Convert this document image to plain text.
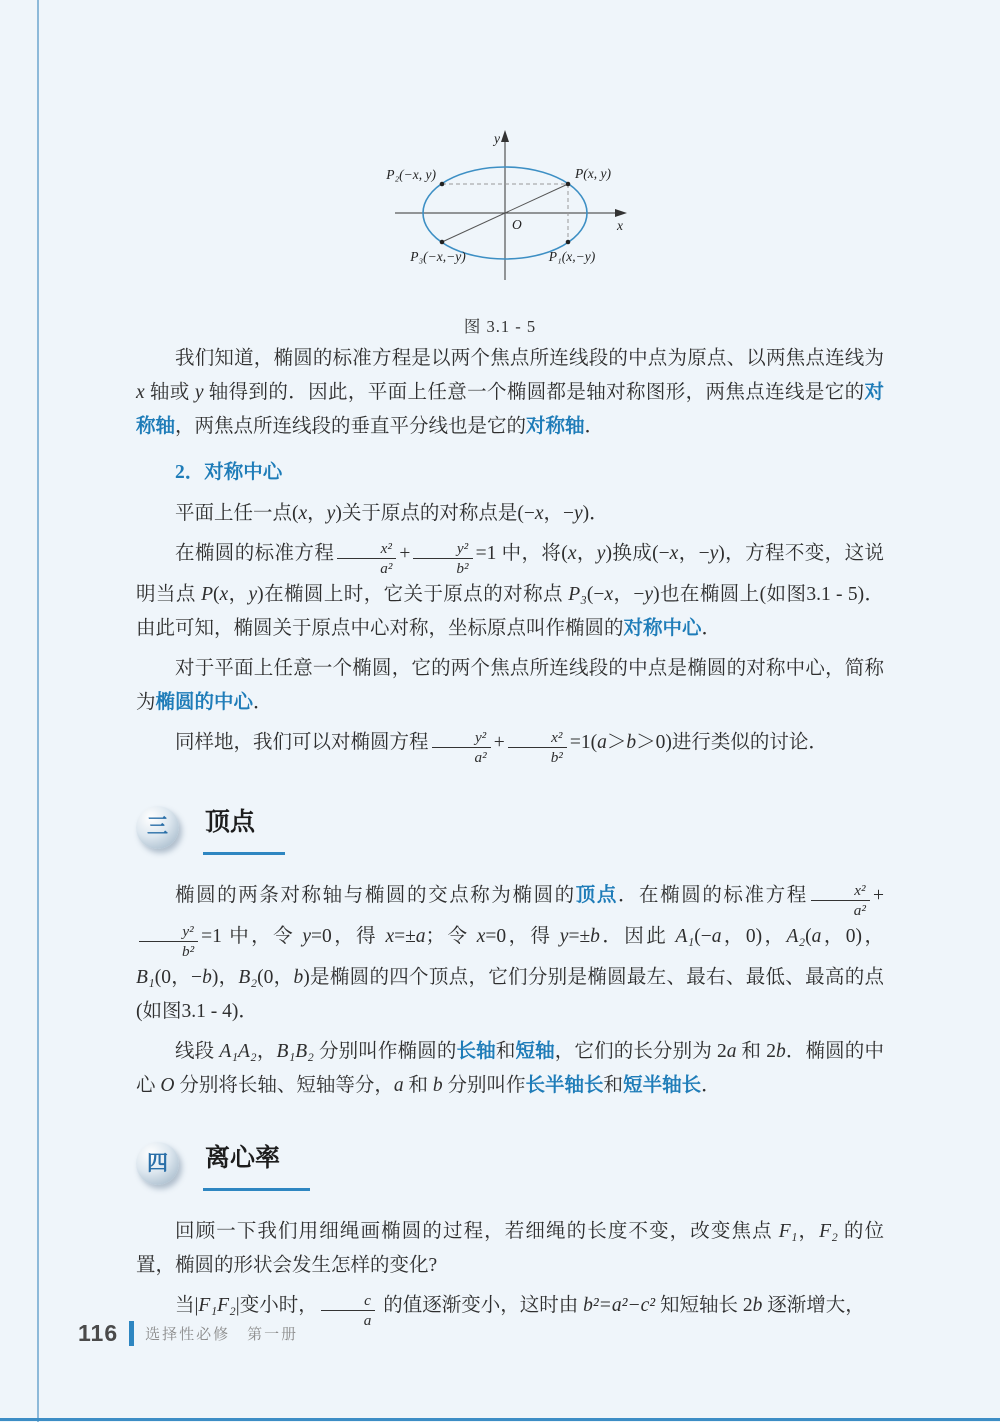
P₂(−x, y)	P(x, y)
P₃(−x,−y)	P₁(x,−y)
O	x
y
图 3.1 - 5

我们知道，椭圆的标准方程是以两个焦点所连线段的中点为原点、以两焦点连线为 x 轴或 y 轴得到的．因此，平面上任意一个椭圆都是轴对称图形，两焦点连线是它的对称轴，两焦点所连线段的垂直平分线也是它的对称轴．

2．对称中心

平面上任一点(x，y)关于原点的对称点是(−x，−y)．

在椭圆的标准方程 $\frac{\text{x²}}{\text{a²}} + \frac{\text{y²}}{\text{b²}} =1$ 中，将(x，y)换成(−x，−y)，方程不变，这说明当点 P(x，y)在椭圆上时，它关于原点的对称点 P₃(−x，−y)也在椭圆上(如图3.1 - 5)．由此可知，椭圆关于原点中心对称，坐标原点叫作椭圆的对称中心．

对于平面上任意一个椭圆，它的两个焦点所连线段的中点是椭圆的对称中心，简称为椭圆的中心．

同样地，我们可以对椭圆方程 $\frac{\text{y²}}{\text{a²}} + \frac{\text{x²}}{\text{b²}} =1(a>b>0)$进行类似的讨论．

三	顶点

椭圆的两条对称轴与椭圆的交点称为椭圆的顶点．在椭圆的标准方程 $\frac{\text{x²}}{\text{a²}}$ +
$\frac{\text{y²}}{\text{b²}} =1$ 中，令 y=0，得 x=±a；令 x=0，得 y=±b．因此 A₁(−a，0)，A₂(a，0)，B₁(0，−b)，B₂(0，b)是椭圆的四个顶点，它们分别是椭圆最左、最右、最低、最高的点(如图3.1 - 4)．

线段 A₁A₂，B₁B₂ 分别叫作椭圆的长轴和短轴，它们的长分别为 2a 和 2b．椭圆的中心 O 分别将长轴、短轴等分，a 和 b 分别叫作长半轴长和短半轴长．

四	离心率

回顾一下我们用细绳画椭圆的过程，若细绳的长度不变，改变焦点 F₁，F₂ 的位置，椭圆的形状会发生怎样的变化?

当|F₁F₂|变小时， $\frac{c}{a}$ 的值逐渐变小，这时由 b²=a²−c² 知短轴长 2b 逐渐增大，

116 选择性必修　第一册
